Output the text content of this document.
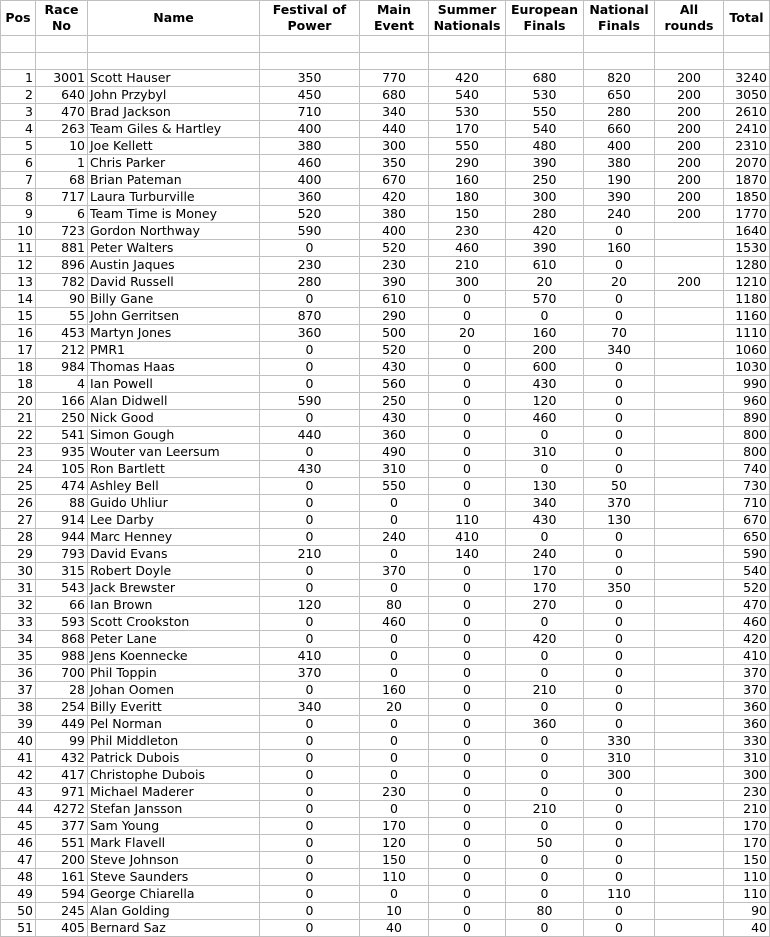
Pos	Race No	Name	Festival of Power	Main Event	Summer Nationals	European Finals	National Finals	All rounds	Total

1	3001	Scott Hauser	350	770	420	680	820	200	3240
2	640	John Przybyl	450	680	540	530	650	200	3050
3	470	Brad Jackson	710	340	530	550	280	200	2610
4	263	Team Giles & Hartley	400	440	170	540	660	200	2410
5	10	Joe Kellett	380	300	550	480	400	200	2310
6	1	Chris Parker	460	350	290	390	380	200	2070
7	68	Brian Pateman	400	670	160	250	190	200	1870
8	717	Laura Turburville	360	420	180	300	390	200	1850
9	6	Team Time is Money	520	380	150	280	240	200	1770
10	723	Gordon Northway	590	400	230	420	0		1640
11	881	Peter Walters	0	520	460	390	160		1530
12	896	Austin Jaques	230	230	210	610	0		1280
13	782	David Russell	280	390	300	20	20	200	1210
14	90	Billy Gane	0	610	0	570	0		1180
15	55	John Gerritsen	870	290	0	0	0		1160
16	453	Martyn Jones	360	500	20	160	70		1110
17	212	PMR1	0	520	0	200	340		1060
18	984	Thomas Haas	0	430	0	600	0		1030
18	4	Ian Powell	0	560	0	430	0		990
20	166	Alan Didwell	590	250	0	120	0		960
21	250	Nick Good	0	430	0	460	0		890
22	541	Simon Gough	440	360	0	0	0		800
23	935	Wouter van Leersum	0	490	0	310	0		800
24	105	Ron Bartlett	430	310	0	0	0		740
25	474	Ashley Bell	0	550	0	130	50		730
26	88	Guido Uhliur	0	0	0	340	370		710
27	914	Lee Darby	0	0	110	430	130		670
28	944	Marc Henney	0	240	410	0	0		650
29	793	David Evans	210	0	140	240	0		590
30	315	Robert Doyle	0	370	0	170	0		540
31	543	Jack Brewster	0	0	0	170	350		520
32	66	Ian Brown	120	80	0	270	0		470
33	593	Scott Crookston	0	460	0	0	0		460
34	868	Peter Lane	0	0	0	420	0		420
35	988	Jens Koennecke	410	0	0	0	0		410
36	700	Phil Toppin	370	0	0	0	0		370
37	28	Johan Oomen	0	160	0	210	0		370
38	254	Billy Everitt	340	20	0	0	0		360
39	449	Pel Norman	0	0	0	360	0		360
40	99	Phil Middleton	0	0	0	0	330		330
41	432	Patrick Dubois	0	0	0	0	310		310
42	417	Christophe Dubois	0	0	0	0	300		300
43	971	Michael Maderer	0	230	0	0	0		230
44	4272	Stefan Jansson	0	0	0	210	0		210
45	377	Sam Young	0	170	0	0	0		170
46	551	Mark Flavell	0	120	0	50	0		170
47	200	Steve Johnson	0	150	0	0	0		150
48	161	Steve Saunders	0	110	0	0	0		110
49	594	George Chiarella	0	0	0	0	110		110
50	245	Alan Golding	0	10	0	80	0		90
51	405	Bernard Saz	0	40	0	0	0		40
